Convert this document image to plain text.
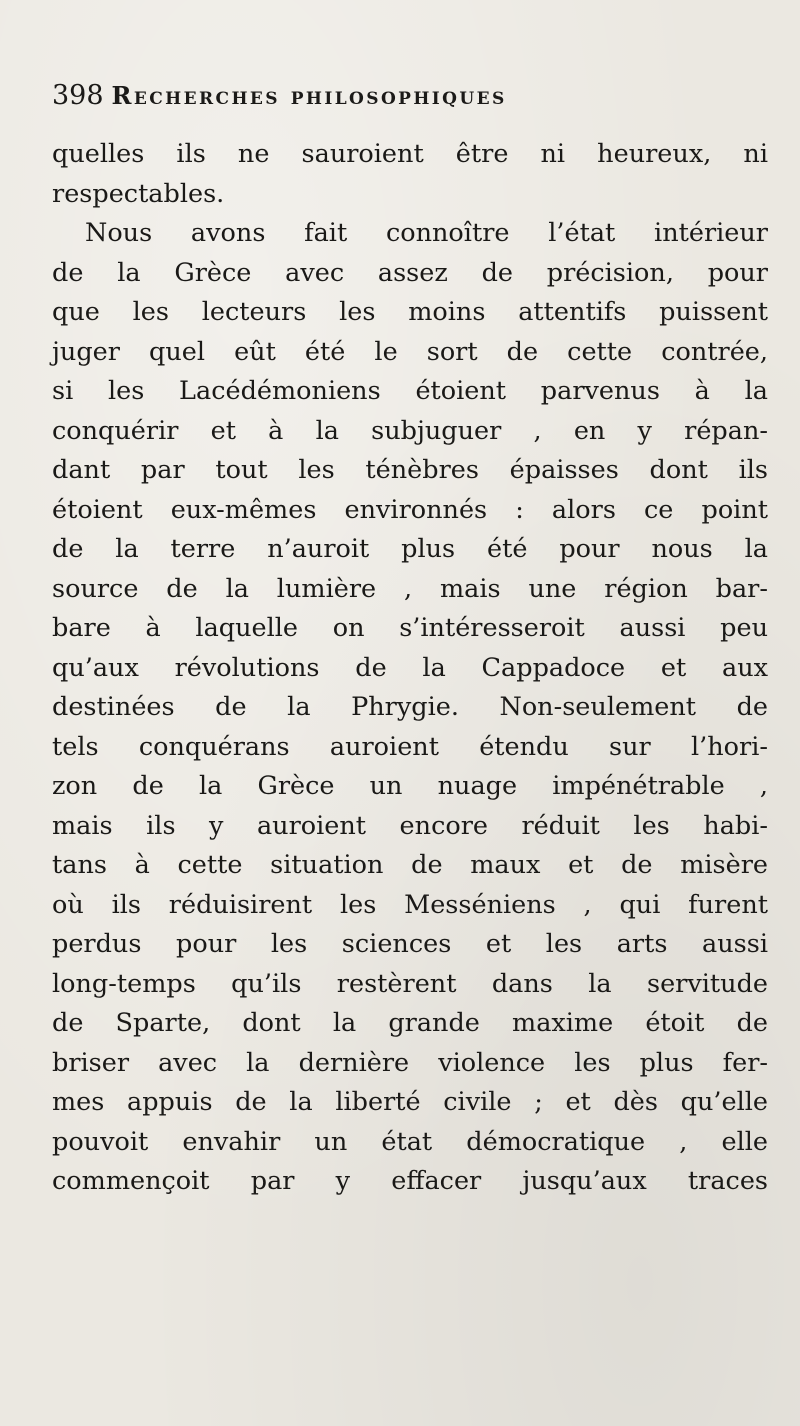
398 Recherches philosophiques
quelles ils ne sauroient être ni heureux, ni
respectables.
Nous avons fait connoître l’état intérieur
de la Grèce avec assez de précision, pour
que les lecteurs les moins attentifs puissent
juger quel eût été le sort de cette contrée,
si les Lacédémoniens étoient parvenus à la
conquérir et à la subjuguer , en y répan-
dant par tout les ténèbres épaisses dont ils
étoient eux-mêmes environnés : alors ce point
de la terre n’auroit plus été pour nous la
source de la lumière , mais une région bar-
bare à laquelle on s’intéresseroit aussi peu
qu’aux révolutions de la Cappadoce et aux
destinées de la Phrygie. Non-seulement de
tels conquérans auroient étendu sur l’hori-
zon de la Grèce un nuage impénétrable ,
mais ils y auroient encore réduit les habi-
tans à cette situation de maux et de misère
où ils réduisirent les Messéniens , qui furent
perdus pour les sciences et les arts aussi
long-temps qu’ils restèrent dans la servitude
de Sparte, dont la grande maxime étoit de
briser avec la dernière violence les plus fer-
mes appuis de la liberté civile ; et dès qu’elle
pouvoit envahir un état démocratique , elle
commençoit par y effacer jusqu’aux traces
